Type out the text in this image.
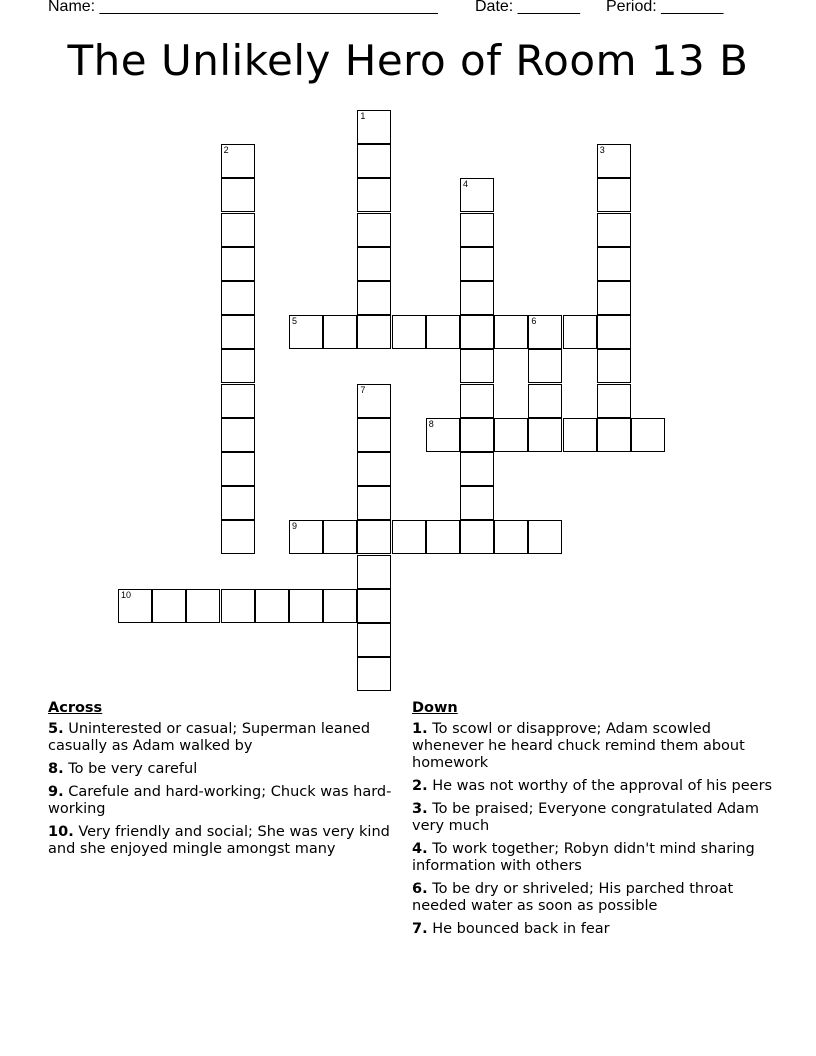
Name: ______________________________________ Date: _______ Period: _______
The Unlikely Hero of Room 13 B
1
2	3
4
5	6
7
8
9
10
Across
5. Uninterested or casual; Superman leaned casually as Adam walked by
8. To be very careful
9. Carefule and hard-working; Chuck was hard-working
10. Very friendly and social; She was very kind and she enjoyed mingle amongst many
Down
1. To scowl or disapprove; Adam scowled whenever he heard chuck remind them about homework
2. He was not worthy of the approval of his peers
3. To be praised; Everyone congratulated Adam very much
4. To work together; Robyn didn't mind sharing information with others
6. To be dry or shriveled; His parched throat needed water as soon as possible
7. He bounced back in fear
